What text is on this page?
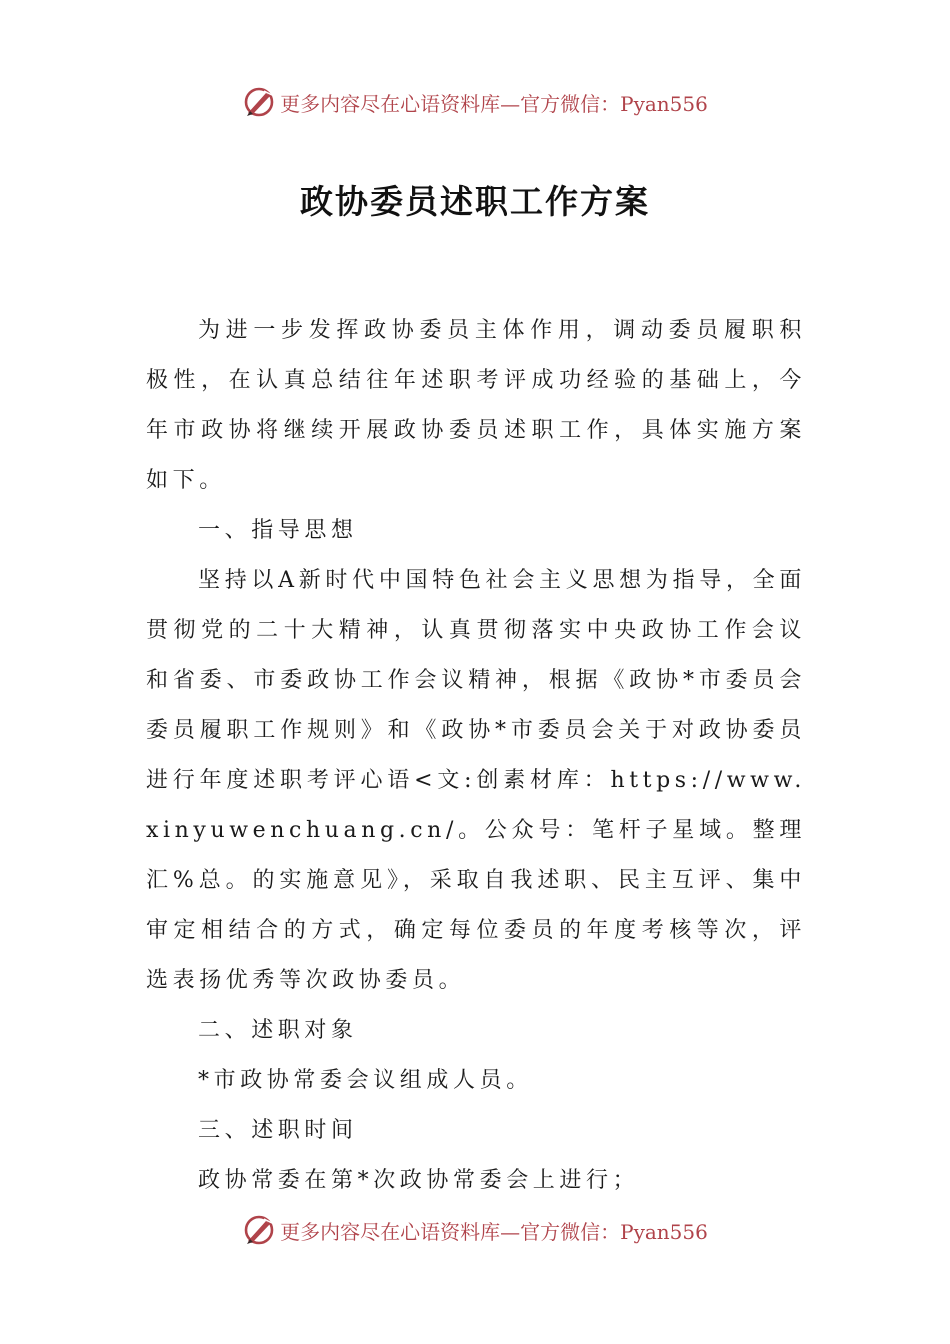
更多内容尽在心语资料库—官方微信：Pyan556
政协委员述职工作方案

为进一步发挥政协委员主体作用，调动委员履职积极性，在认真总结往年述职考评成功经验的基础上，今年市政协将继续开展政协委员述职工作，具体实施方案如下。

一、指导思想

坚持以A新时代中国特色社会主义思想为指导，全面贯彻党的二十大精神，认真贯彻落实中央政协工作会议和省委、市委政协工作会议精神，根据《政协*市委员会委员履职工作规则》和《政协*市委员会关于对政协委员进行年度述职考评心语<文:创素材库：https://www.xinyuwenchuang.cn/。公众号：笔杆子星域。整理汇%总。的实施意见》，采取自我述职、民主互评、集中审定相结合的方式，确定每位委员的年度考核等次，评选表扬优秀等次政协委员。

二、述职对象

*市政协常委会议组成人员。

三、述职时间

政协常委在第*次政协常委会上进行；

更多内容尽在心语资料库—官方微信：Pyan556
